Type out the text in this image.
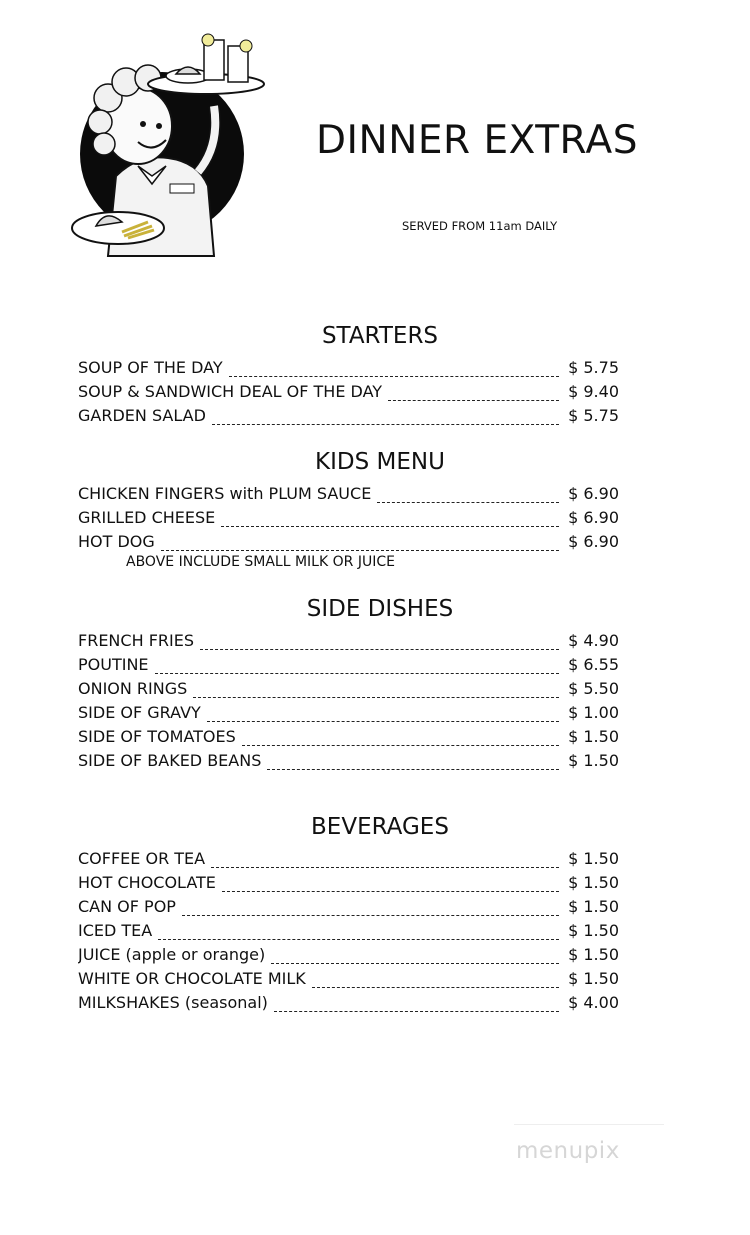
DINNER EXTRAS
SERVED FROM 11am DAILY
STARTERS
SOUP OF THE DAY	$ 5.75
SOUP & SANDWICH DEAL OF THE DAY	$ 9.40
GARDEN SALAD	$ 5.75
KIDS MENU
CHICKEN FINGERS with PLUM SAUCE	$ 6.90
GRILLED CHEESE	$ 6.90
HOT DOG	$ 6.90
ABOVE INCLUDE SMALL MILK OR JUICE
SIDE DISHES
FRENCH FRIES	$ 4.90
POUTINE	$ 6.55
ONION RINGS	$ 5.50
SIDE OF GRAVY	$ 1.00
SIDE OF TOMATOES	$ 1.50
SIDE OF BAKED BEANS	$ 1.50
BEVERAGES
COFFEE OR TEA	$ 1.50
HOT CHOCOLATE	$ 1.50
CAN OF POP	$ 1.50
ICED TEA	$ 1.50
JUICE (apple or orange)	$ 1.50
WHITE OR CHOCOLATE MILK	$ 1.50
MILKSHAKES (seasonal)	$ 4.00
menupix
